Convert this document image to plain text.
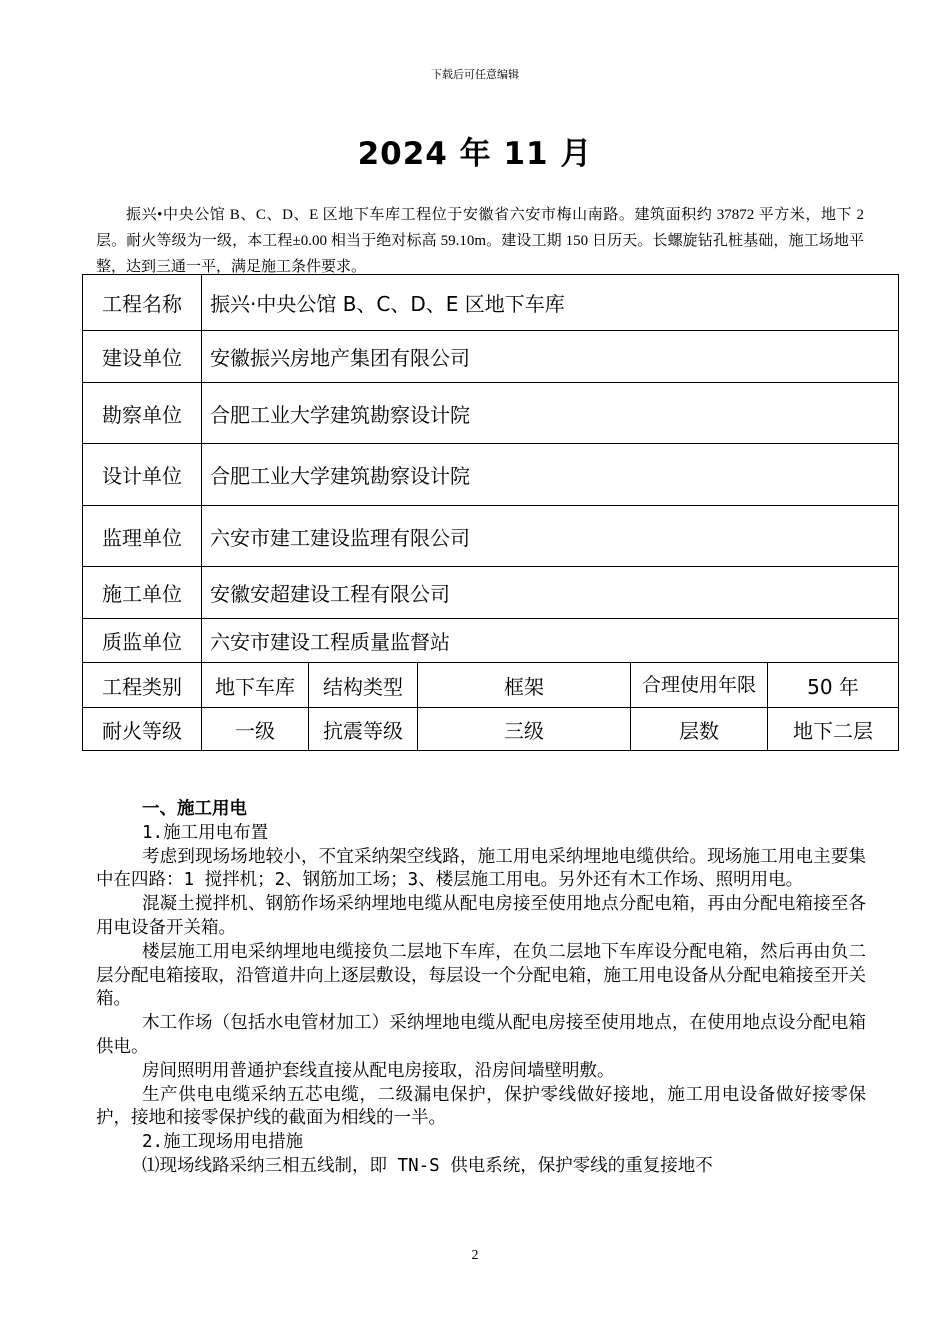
下载后可任意编辑
2024 年 11 月
振兴•中央公馆 B、C、D、E 区地下车库工程位于安徽省六安市梅山南路。建筑面积约 37872 平方米，地下 2 层。耐火等级为一级，本工程±0.00 相当于绝对标高 59.10m。建设工期 150 日历天。长螺旋钻孔桩基础，施工场地平整，达到三通一平，满足施工条件要求。
工程名称	振兴·中央公馆 B、C、D、E 区地下车库				
建设单位	安徽振兴房地产集团有限公司				
勘察单位	合肥工业大学建筑勘察设计院				
设计单位	合肥工业大学建筑勘察设计院				
监理单位	六安市建工建设监理有限公司				
施工单位	安徽安超建设工程有限公司				
质监单位	六安市建设工程质量监督站				
工程类别	地下车库	结构类型	框架	合理使用年限	50 年
耐火等级	一级	抗震等级	三级	层数	地下二层

一、施工用电

1.施工用电布置

考虑到现场场地较小，不宜采纳架空线路，施工用电采纳埋地电缆供给。现场施工用电主要集中在四路：1 搅拌机；2、钢筋加工场；3、楼层施工用电。另外还有木工作场、照明用电。

混凝土搅拌机、钢筋作场采纳埋地电缆从配电房接至使用地点分配电箱，再由分配电箱接至各用电设备开关箱。

楼层施工用电采纳埋地电缆接负二层地下车库，在负二层地下车库设分配电箱，然后再由负二层分配电箱接取，沿管道井向上逐层敷设，每层设一个分配电箱，施工用电设备从分配电箱接至开关箱。

木工作场（包括水电管材加工）采纳埋地电缆从配电房接至使用地点，在使用地点设分配电箱供电。

房间照明用普通护套线直接从配电房接取，沿房间墙壁明敷。

生产供电电缆采纳五芯电缆，二级漏电保护，保护零线做好接地，施工用电设备做好接零保护，接地和接零保护线的截面为相线的一半。

2.施工现场用电措施

⑴现场线路采纳三相五线制，即 TN-S 供电系统，保护零线的重复接地不

2
